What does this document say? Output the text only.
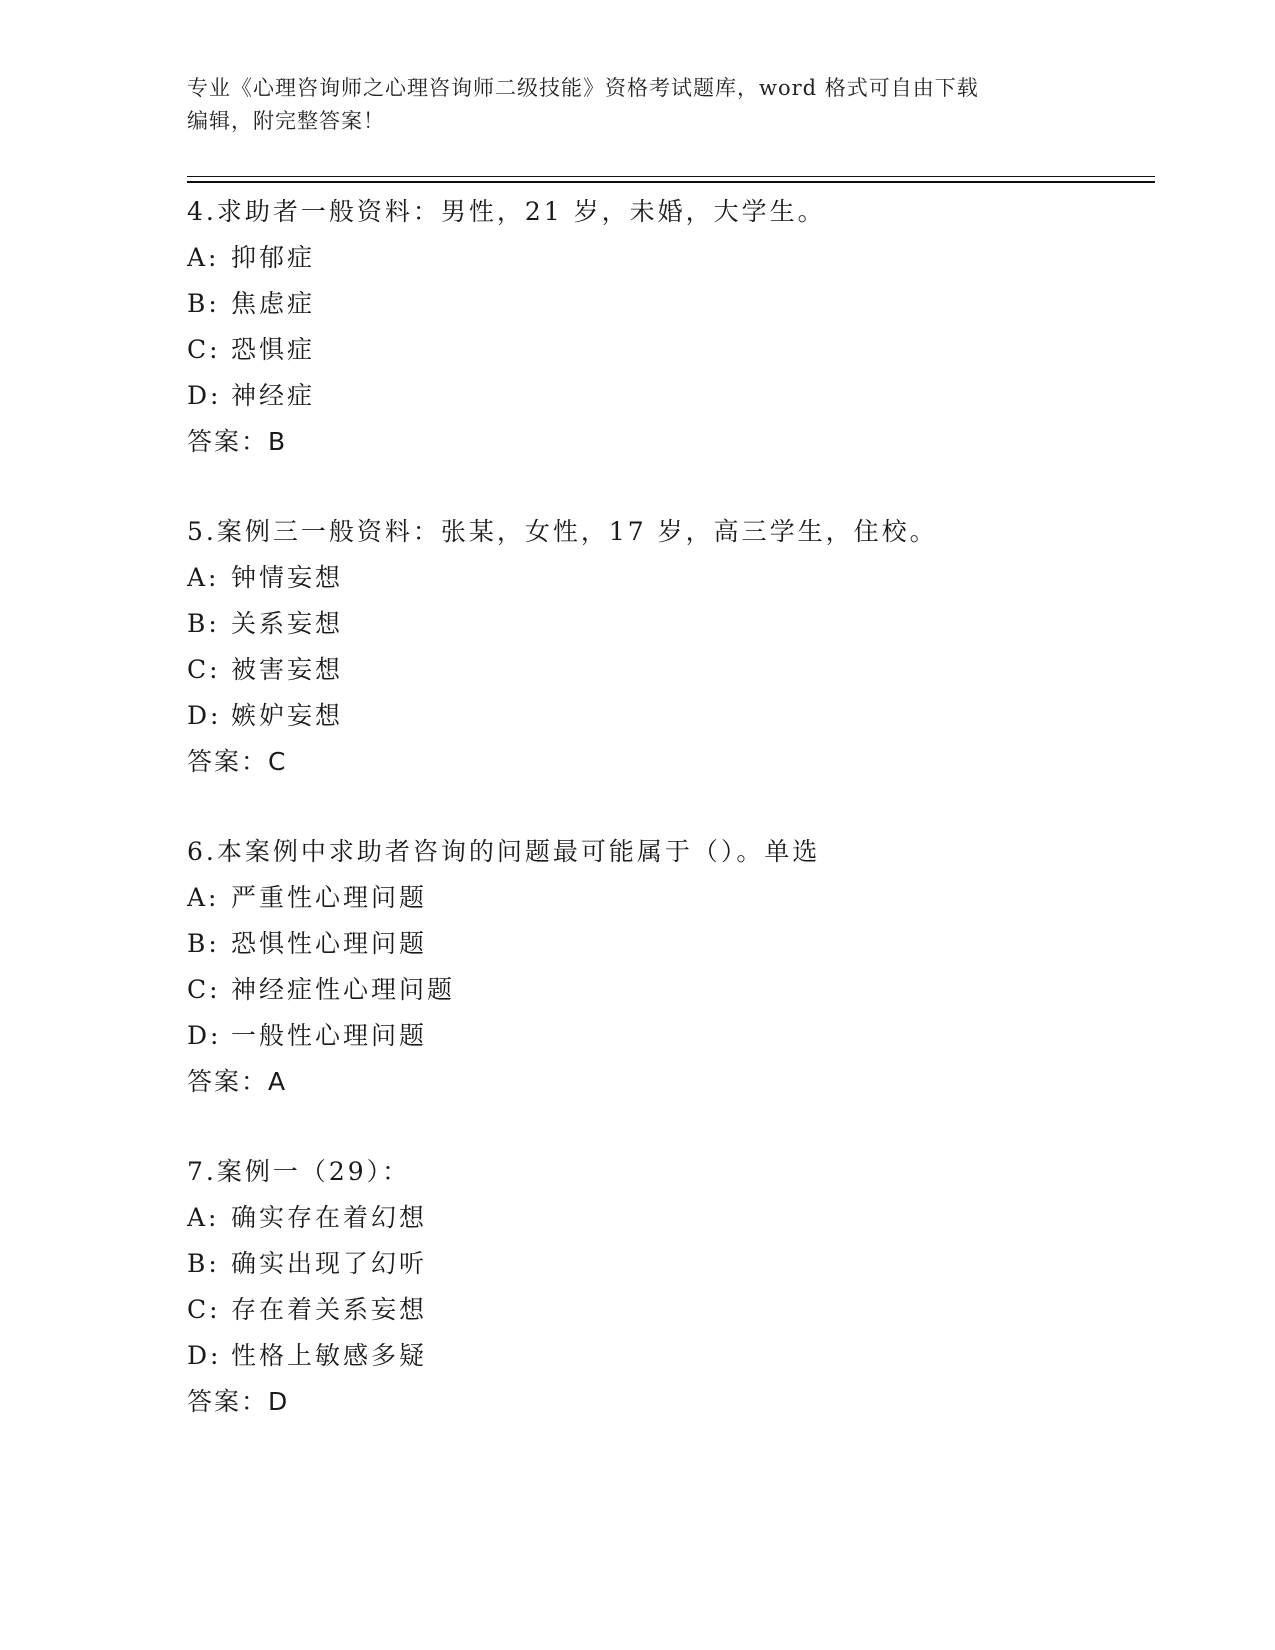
专业《心理咨询师之心理咨询师二级技能》资格考试题库，word 格式可自由下载
编辑，附完整答案！
4.求助者一般资料：男性，21 岁，未婚，大学生。
A: 抑郁症
B: 焦虑症
C: 恐惧症
D: 神经症
答案：B
5.案例三一般资料：张某，女性，17 岁，高三学生，住校。
A: 钟情妄想
B: 关系妄想
C: 被害妄想
D: 嫉妒妄想
答案：C
6.本案例中求助者咨询的问题最可能属于（）。单选
A: 严重性心理问题
B: 恐惧性心理问题
C: 神经症性心理问题
D: 一般性心理问题
答案：A
7.案例一（29）：
A: 确实存在着幻想
B: 确实出现了幻听
C: 存在着关系妄想
D: 性格上敏感多疑
答案：D
